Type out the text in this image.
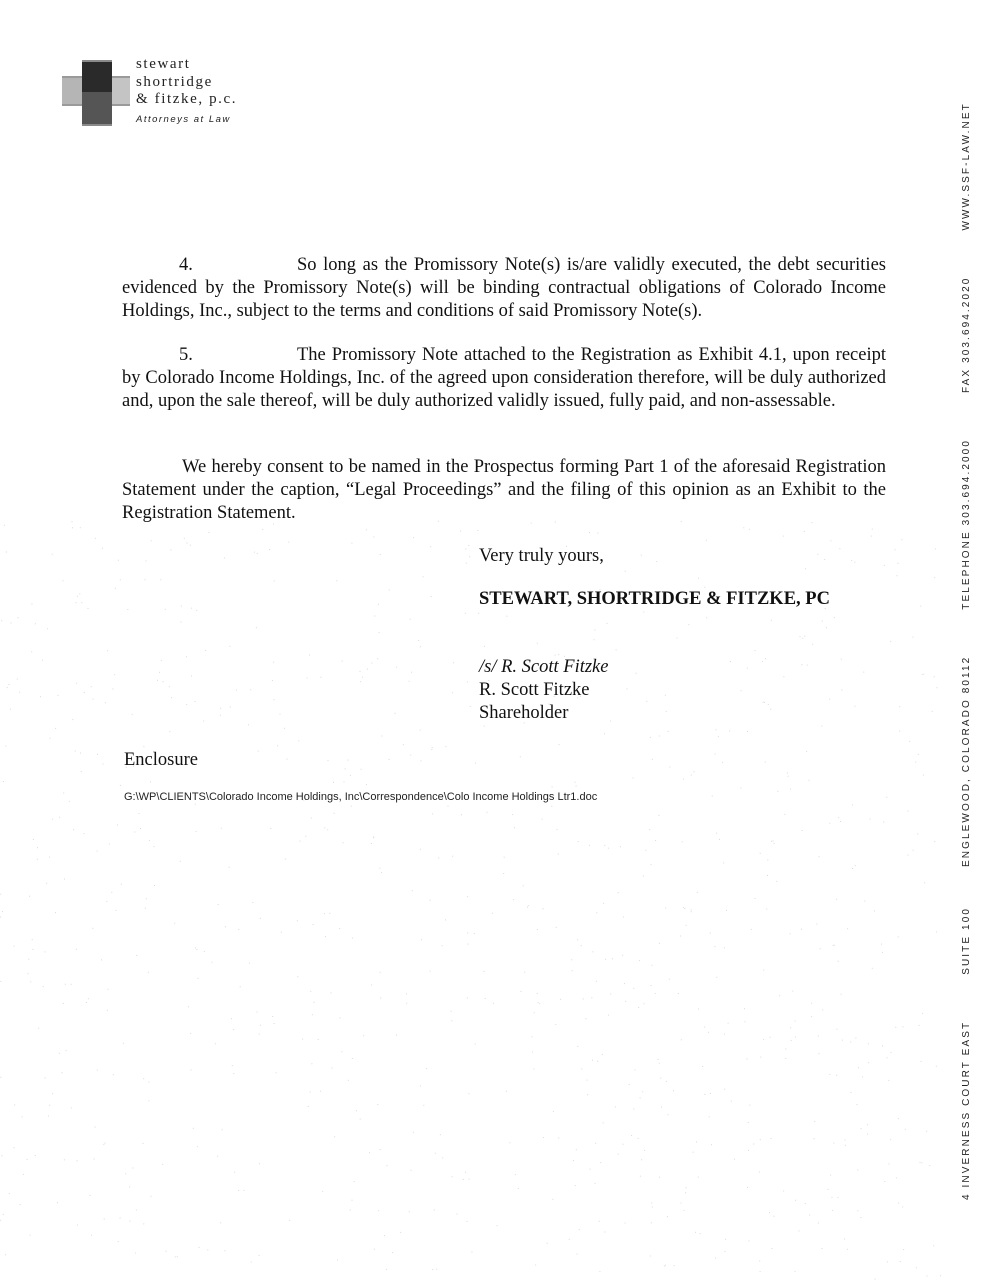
stewart
shortridge
& fitzke, p.c.
Attorneys at Law
4.	So long as the Promissory Note(s) is/are validly executed, the debt securities evidenced by the Promissory Note(s) will be binding contractual obligations of Colorado Income Holdings, Inc., subject to the terms and conditions of said Promissory Note(s).
5.	The Promissory Note attached to the Registration as Exhibit 4.1, upon receipt by Colorado Income Holdings, Inc. of the agreed upon consideration therefore, will be duly authorized and, upon the sale thereof, will be duly authorized validly issued, fully paid, and non-assessable.
We hereby consent to be named in the Prospectus forming Part 1 of the aforesaid Registration Statement under the caption, “Legal Proceedings” and the filing of this opinion as an Exhibit to the Registration Statement.
Very truly yours,
STEWART, SHORTRIDGE & FITZKE, PC
/s/ R. Scott Fitzke
R. Scott Fitzke
Shareholder
Enclosure
G:\WP\CLIENTS\Colorado Income Holdings, Inc\Correspondence\Colo Income Holdings Ltr1.doc
4 INVERNESS COURT EAST
SUITE 100
ENGLEWOOD, COLORADO 80112
TELEPHONE 303.694.2000
FAX 303.694.2020
WWW.SSF-LAW.NET
